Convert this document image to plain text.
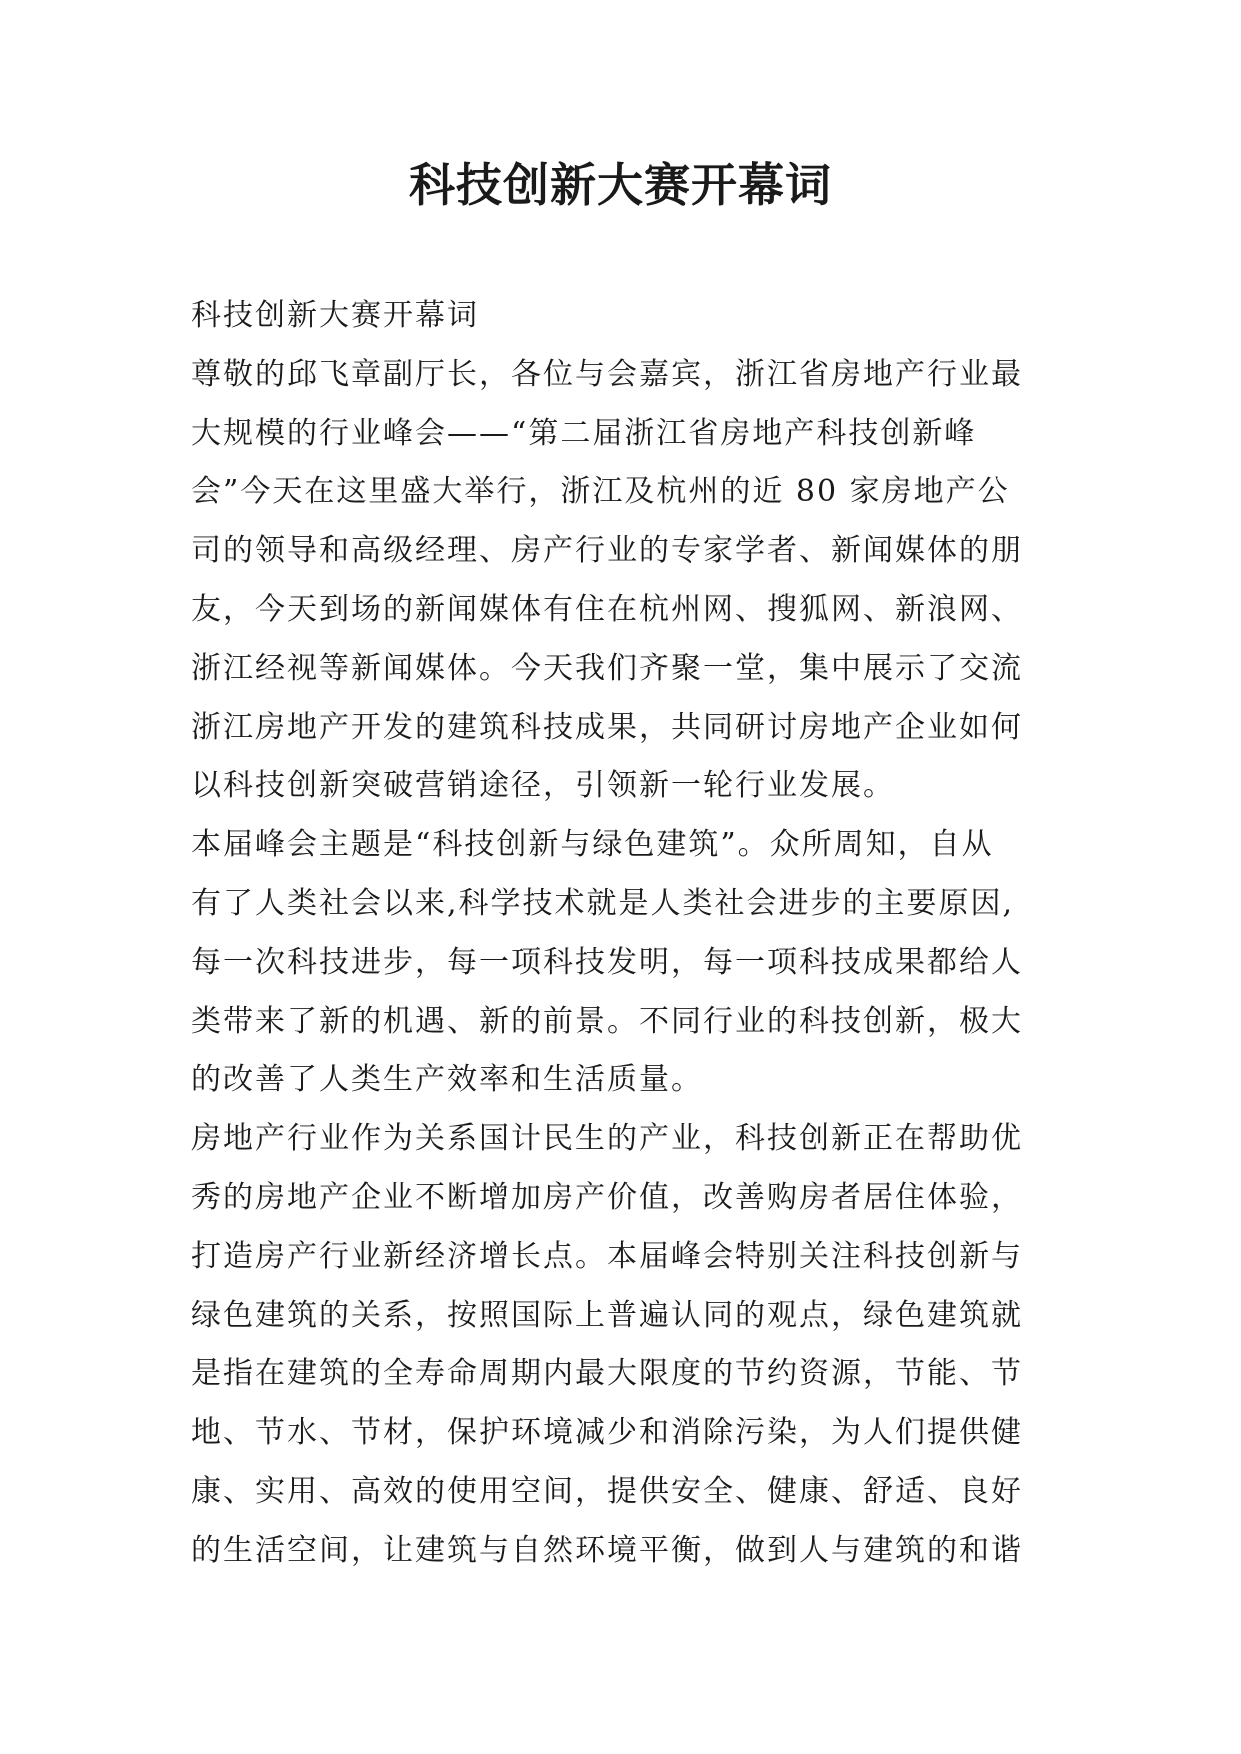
科技创新大赛开幕词
科技创新大赛开幕词
尊敬的邱飞章副厅长，各位与会嘉宾，浙江省房地产行业最
大规模的行业峰会——“第二届浙江省房地产科技创新峰
会”今天在这里盛大举行，浙江及杭州的近 80 家房地产公
司的领导和高级经理、房产行业的专家学者、新闻媒体的朋
友，今天到场的新闻媒体有住在杭州网、搜狐网、新浪网、
浙江经视等新闻媒体。今天我们齐聚一堂，集中展示了交流
浙江房地产开发的建筑科技成果，共同研讨房地产企业如何
以科技创新突破营销途径，引领新一轮行业发展。
本届峰会主题是“科技创新与绿色建筑”。众所周知，自从
有了人类社会以来,科学技术就是人类社会进步的主要原因,
每一次科技进步，每一项科技发明，每一项科技成果都给人
类带来了新的机遇、新的前景。不同行业的科技创新，极大
的改善了人类生产效率和生活质量。
房地产行业作为关系国计民生的产业，科技创新正在帮助优
秀的房地产企业不断增加房产价值，改善购房者居住体验，
打造房产行业新经济增长点。本届峰会特别关注科技创新与
绿色建筑的关系，按照国际上普遍认同的观点，绿色建筑就
是指在建筑的全寿命周期内最大限度的节约资源，节能、节
地、节水、节材，保护环境减少和消除污染，为人们提供健
康、实用、高效的使用空间，提供安全、健康、舒适、良好
的生活空间，让建筑与自然环境平衡，做到人与建筑的和谐
